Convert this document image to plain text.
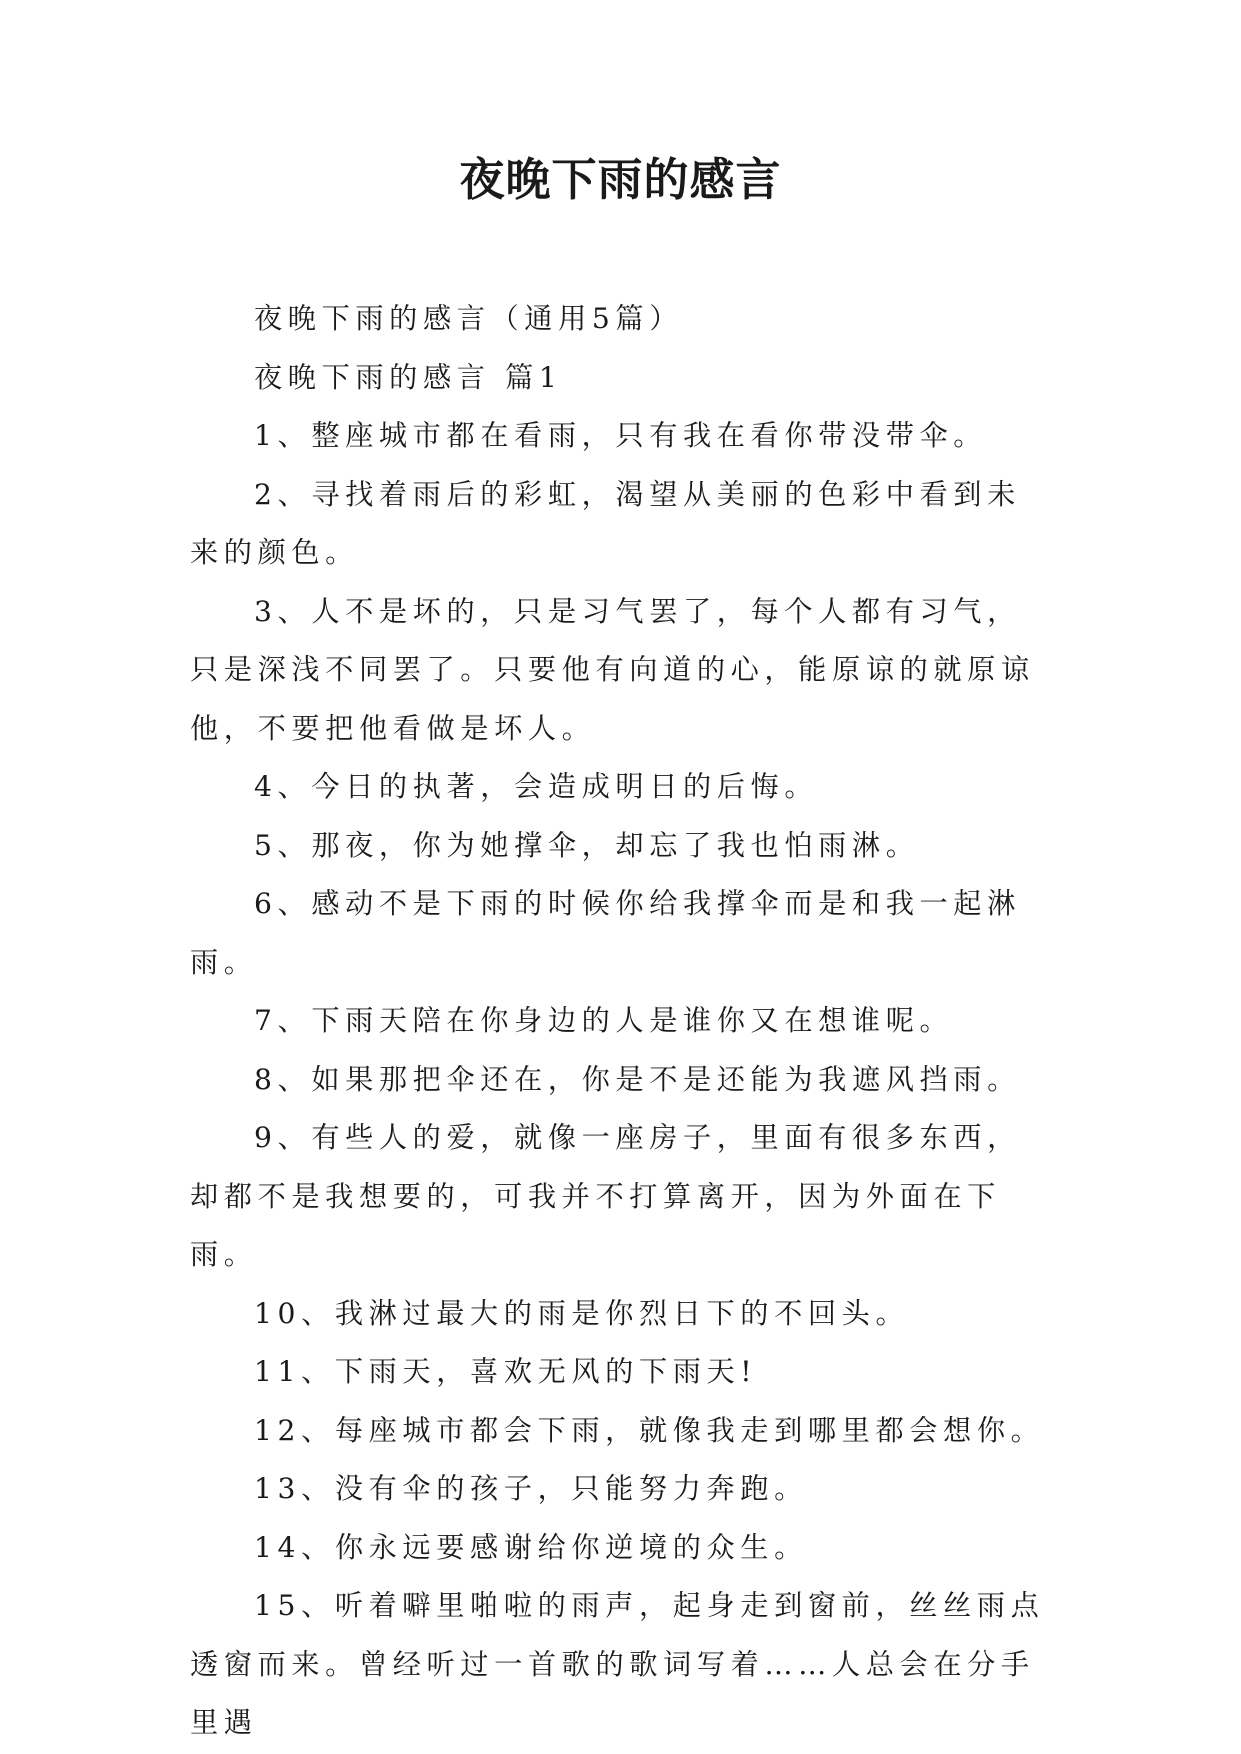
夜晚下雨的感言

夜晚下雨的感言（通用5篇）

夜晚下雨的感言 篇1

1、整座城市都在看雨，只有我在看你带没带伞。

2、寻找着雨后的彩虹，渴望从美丽的色彩中看到未来的颜色。

3、人不是坏的，只是习气罢了，每个人都有习气，只是深浅不同罢了。只要他有向道的心，能原谅的就原谅他，不要把他看做是坏人。

4、今日的执著，会造成明日的后悔。

5、那夜，你为她撑伞，却忘了我也怕雨淋。

6、感动不是下雨的时候你给我撑伞而是和我一起淋雨。

7、下雨天陪在你身边的人是谁你又在想谁呢。

8、如果那把伞还在，你是不是还能为我遮风挡雨。

9、有些人的爱，就像一座房子，里面有很多东西，却都不是我想要的，可我并不打算离开，因为外面在下雨。

10、我淋过最大的雨是你烈日下的不回头。

11、下雨天，喜欢无风的下雨天!

12、每座城市都会下雨，就像我走到哪里都会想你。

13、没有伞的孩子，只能努力奔跑。

14、你永远要感谢给你逆境的众生。

15、听着噼里啪啦的雨声，起身走到窗前，丝丝雨点透窗而来。曾经听过一首歌的歌词写着……人总会在分手里遇
